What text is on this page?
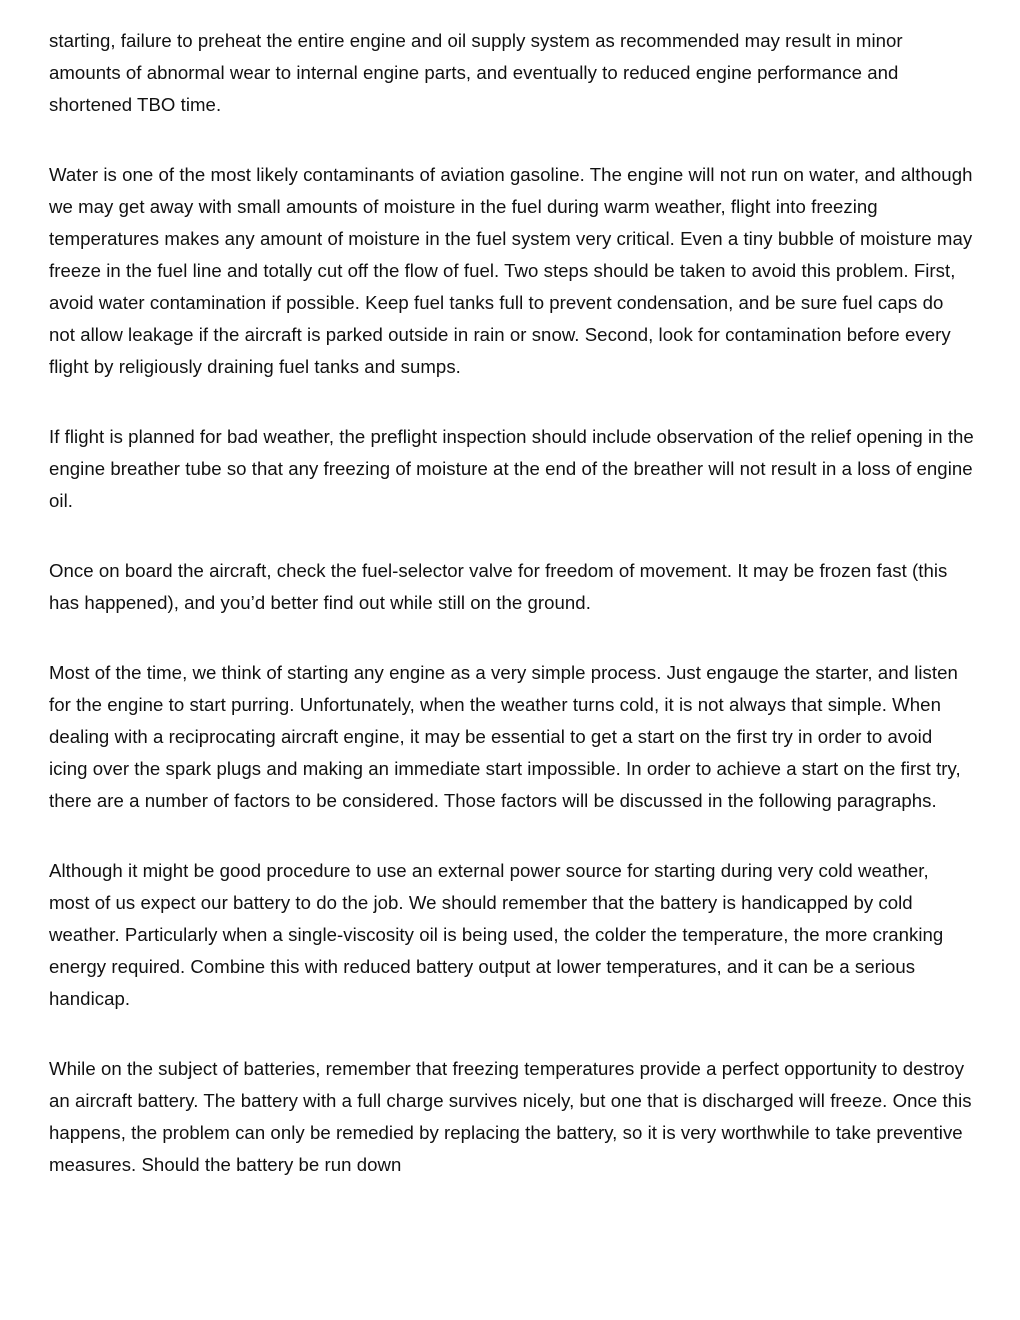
starting, failure to preheat the entire engine and oil supply system as recommended may result in minor amounts of abnormal wear to internal engine parts, and eventually to reduced engine performance and shortened TBO time.

Water is one of the most likely contaminants of aviation gasoline. The engine will not run on water, and although we may get away with small amounts of moisture in the fuel during warm weather, flight into freezing temperatures makes any amount of moisture in the fuel system very critical. Even a tiny bubble of moisture may freeze in the fuel line and totally cut off the flow of fuel. Two steps should be taken to avoid this problem. First, avoid water contamination if possible. Keep fuel tanks full to prevent condensation, and be sure fuel caps do not allow leakage if the aircraft is parked outside in rain or snow. Second, look for contamination before every flight by religiously draining fuel tanks and sumps.

If flight is planned for bad weather, the preflight inspection should include observation of the relief opening in the engine breather tube so that any freezing of moisture at the end of the breather will not result in a loss of engine oil.

Once on board the aircraft, check the fuel-selector valve for freedom of movement. It may be frozen fast (this has happened), and you’d better find out while still on the ground.

Most of the time, we think of starting any engine as a very simple process. Just engauge the starter, and listen for the engine to start purring. Unfortunately, when the weather turns cold, it is not always that simple. When dealing with a reciprocating aircraft engine, it may be essential to get a start on the first try in order to avoid icing over the spark plugs and making an immediate start impossible. In order to achieve a start on the first try, there are a number of factors to be considered. Those factors will be discussed in the following paragraphs.

Although it might be good procedure to use an external power source for starting during very cold weather, most of us expect our battery to do the job. We should remember that the battery is handicapped by cold weather. Particularly when a single-viscosity oil is being used, the colder the temperature, the more cranking energy required. Combine this with reduced battery output at lower temperatures, and it can be a serious handicap.

While on the subject of batteries, remember that freezing temperatures provide a perfect opportunity to destroy an aircraft battery. The battery with a full charge survives nicely, but one that is discharged will freeze. Once this happens, the problem can only be remedied by replacing the battery, so it is very worthwhile to take preventive measures. Should the battery be run down
